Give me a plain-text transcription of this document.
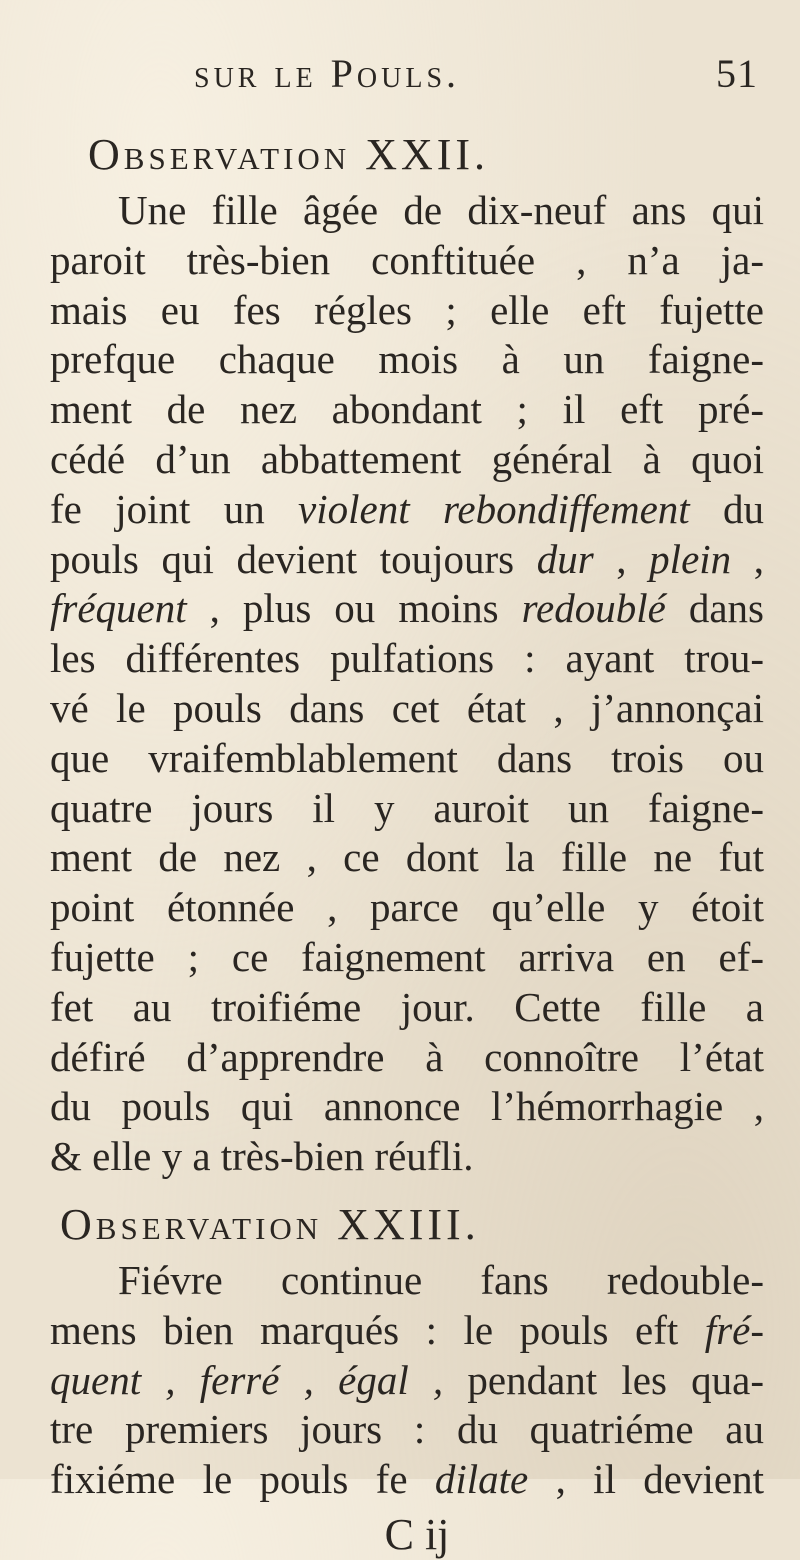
sur le Pouls.	51
Observation XXII.
Une fille âgée de dix-neuf ans qui
paroit très-bien conftituée , n’a ja-
mais eu fes régles ; elle eft fujette
prefque chaque mois à un faigne-
ment de nez abondant ; il eft pré-
cédé d’un abbattement général à quoi
fe joint un violent rebondiffement du
pouls qui devient toujours dur , plein ,
fréquent , plus ou moins redoublé dans
les différentes pulfations : ayant trou-
vé le pouls dans cet état , j’annonçai
que vraifemblablement dans trois ou
quatre jours il y auroit un faigne-
ment de nez , ce dont la fille ne fut
point étonnée , parce qu’elle y étoit
fujette ; ce faignement arriva en ef-
fet au troifiéme jour. Cette fille a
défiré d’apprendre à connoître l’état
du pouls qui annonce l’hémorrhagie ,
& elle y a très-bien réufli.
Observation XXIII.
Fiévre continue fans redouble-
mens bien marqués : le pouls eft fré-
quent , ferré , égal , pendant les qua-
tre premiers jours : du quatriéme au
fixiéme le pouls fe dilate , il devient
C ij
